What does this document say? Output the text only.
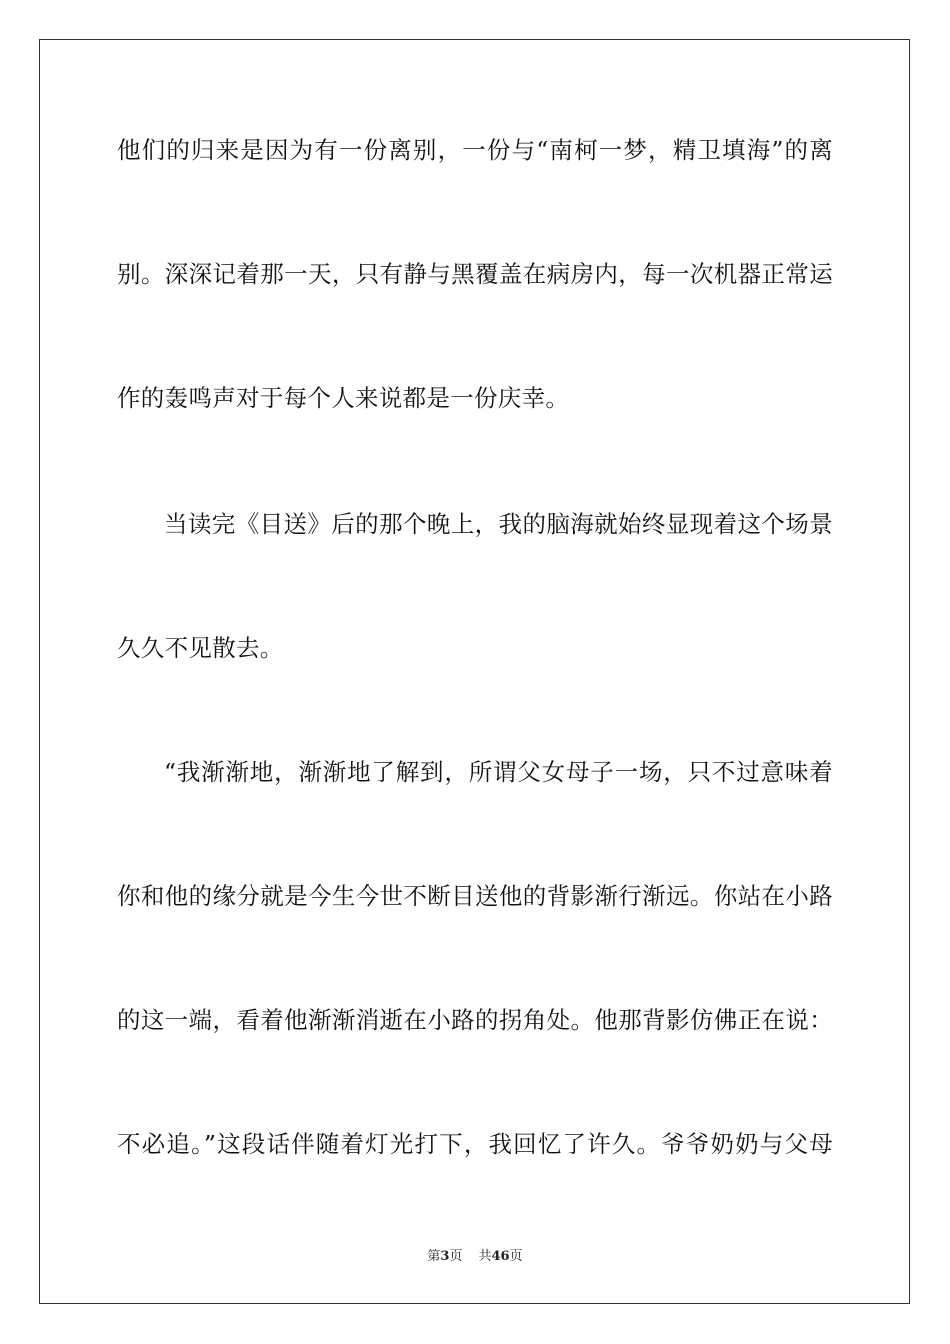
他们的归来是因为有一份离别，一份与“南柯一梦，精卫填海”的离
别。深深记着那一天，只有静与黑覆盖在病房内，每一次机器正常运
作的轰鸣声对于每个人来说都是一份庆幸。
当读完《目送》后的那个晚上，我的脑海就始终显现着这个场景
久久不见散去。
“我渐渐地，渐渐地了解到，所谓父女母子一场，只不过意味着
你和他的缘分就是今生今世不断目送他的背影渐行渐远。你站在小路
的这一端，看着他渐渐消逝在小路的拐角处。他那背影仿佛正在说：
不必追。”这段话伴随着灯光打下，我回忆了许久。爷爷奶奶与父母
第3页 共46页
